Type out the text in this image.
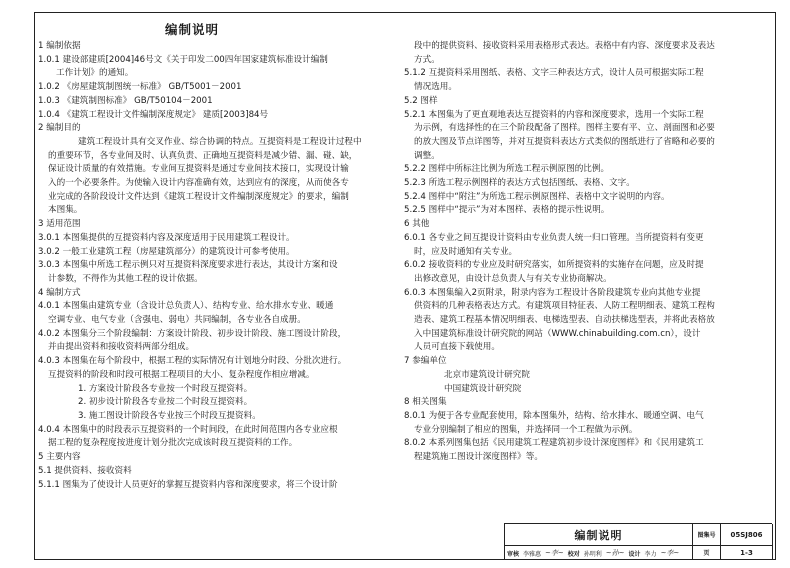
编制说明

1 编制依据

1.0.1 建设部建质[2004]46号文《关于印发二00四年国家建筑标准设计编制

工作计划》的通知。

1.0.2 《房屋建筑制图统一标准》 GB/T5001－2001

1.0.3 《建筑制图标准》 GB/T50104－2001

1.0.4 《建筑工程设计文件编制深度规定》 建质[2003]84号

2 编制目的

建筑工程设计具有交叉作业、综合协调的特点。互提资料是工程设计过程中

的重要环节，各专业间及时、认真负责、正确地互提资料是减少错、漏、碰、缺，

保证设计质量的有效措施。专业间互提资料是通过专业间技术接口，实现设计输

入的一个必要条件。为使输入设计内容准确有效，达到应有的深度，从而使各专

业完成的各阶段设计文件达到《建筑工程设计文件编制深度规定》的要求，编制

本图集。

3 适用范围

3.0.1 本图集提供的互提资料内容及深度适用于民用建筑工程设计。

3.0.2 一般工业建筑工程（房屋建筑部分）的建筑设计可参考使用。

3.0.3 本图集中所选工程示例只对互提资料深度要求进行表达，其设计方案和设

计参数，不得作为其他工程的设计依据。

4 编制方式

4.0.1 本图集由建筑专业（含设计总负责人）、结构专业、给水排水专业、暖通

空调专业、电气专业（含强电、弱电）共同编制，各专业各自成册。

4.0.2 本图集分三个阶段编制：方案设计阶段、初步设计阶段、施工图设计阶段，

并由提出资料和接收资料两部分组成。

4.0.3 本图集在每个阶段中，根据工程的实际情况有计划地分时段、分批次进行。

互提资料的阶段和时段可根据工程项目的大小、复杂程度作相应增减。

1. 方案设计阶段各专业按一个时段互提资料。

2. 初步设计阶段各专业按二个时段互提资料。

3. 施工图设计阶段各专业按三个时段互提资料。

4.0.4 本图集中的时段表示互提资料的一个时间段，在此时间范围内各专业应根

据工程的复杂程度按进度计划分批次完成该时段互提资料的工作。

5 主要内容

5.1 提供资料、接收资料

5.1.1 图集为了使设计人员更好的掌握互提资料内容和深度要求，将三个设计阶

段中的提供资料、接收资料采用表格形式表达。表格中有内容、深度要求及表达

方式。

5.1.2 互提资料采用图纸、表格、文字三种表达方式，设计人员可根据实际工程

情况选用。

5.2 图样

5.2.1 本图集为了更直观地表达互提资料的内容和深度要求，选用一个实际工程

为示例，有选择性的在三个阶段配备了图样。图样主要有平、立、剖面图和必要

的放大图及节点详图等，并对互提资料表达方式类似的图纸进行了省略和必要的

调整。

5.2.2 图样中所标注比例为所选工程示例原图的比例。

5.2.3 所选工程示例图样的表达方式包括图纸、表格、文字。

5.2.4 图样中“附注”为所选工程示例原图样、表格中文字说明的内容。

5.2.5 图样中“提示”为对本图样、表格的提示性说明。

6 其他

6.0.1 各专业之间互提设计资料由专业负责人统一归口管理。当所提资料有变更

时，应及时通知有关专业。

6.0.2 接收资料的专业应及时研究落实，如所提资料的实施存在问题，应及时提

出修改意见，由设计总负责人与有关专业协商解决。

6.0.3 本图集编入2页附录，附录内容为工程设计各阶段建筑专业向其他专业提

供资料的几种表格表达方式。有建筑项目特征表、人防工程明细表、建筑工程构

造表、建筑工程基本情况明细表、电梯选型表、自动扶梯选型表，并将此表格放

入中国建筑标准设计研究院的网站（WWW.chinabuilding.com.cn），设计

人员可直接下载使用。

7 参编单位

北京市建筑设计研究院

中国建筑设计研究院

8 相关图集

8.0.1 为便于各专业配套使用，除本图集外，结构、给水排水、暖通空调、电气

专业分别编制了相应的图集，并选择同一个工程做为示例。

8.0.2 本系列图集包括《民用建筑工程建筑初步设计深度图样》和《民用建筑工

程建筑施工图设计深度图样》等。

编制说明	图集号	05SJ806
页	1-3
审核 李雅惠 ~李~ 校对 孙明利 ~孙~ 设计 李力 ~李~
